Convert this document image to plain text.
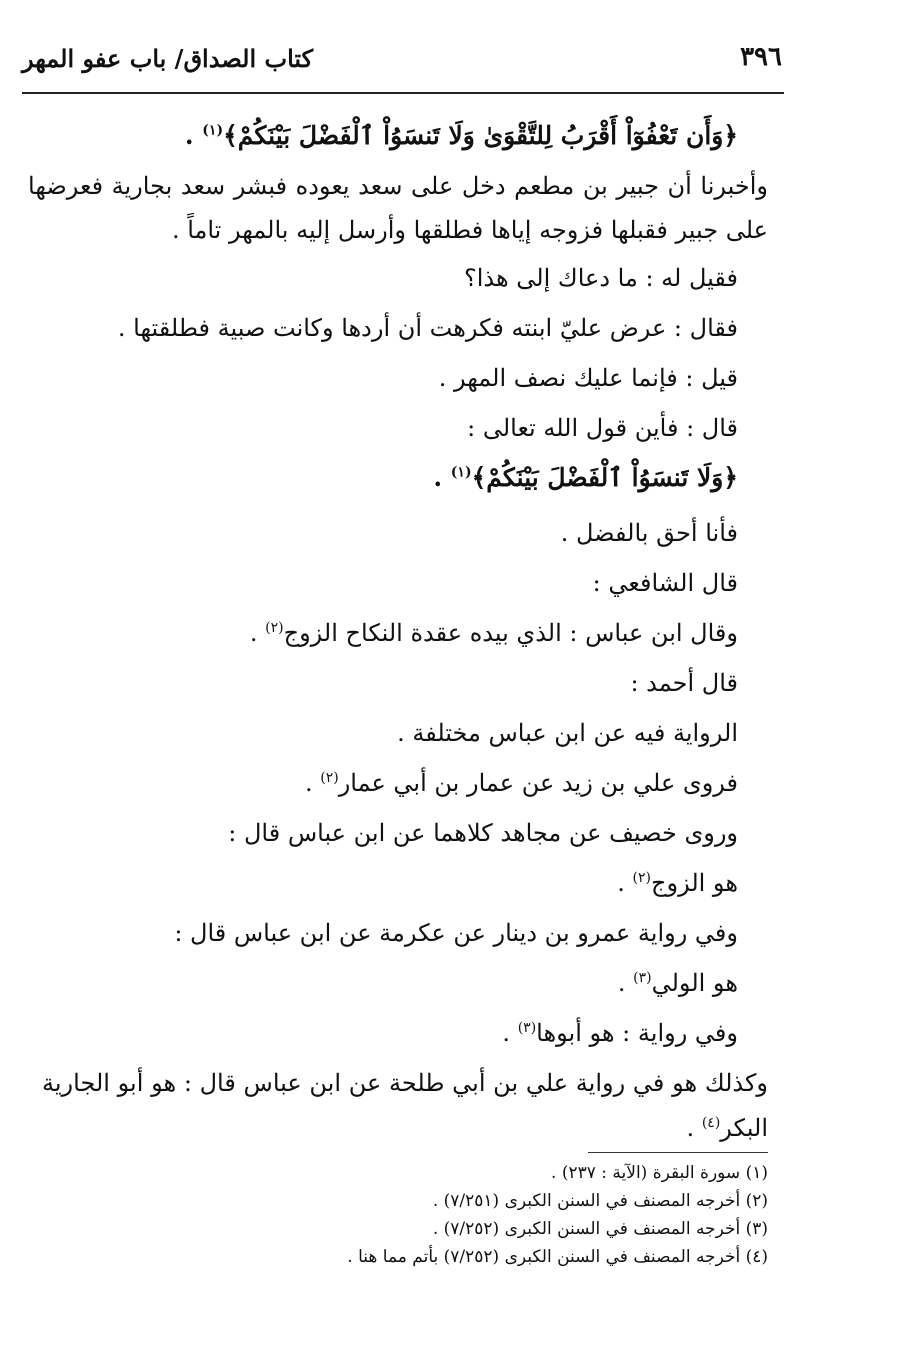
٣٩٦
كتاب الصداق/ باب عفو المهر
﴿وَأَن تَعْفُوٓاْ أَقْرَبُ لِلتَّقْوَىٰ وَلَا تَنسَوُاْ ٱلْفَضْلَ بَيْنَكُمْ﴾$^{(١)}$ .
وأخبرنا أن جبير بن مطعم دخل على سعد يعوده فبشر سعد بجارية فعرضها
على جبير فقبلها فزوجه إياها فطلقها وأرسل إليه بالمهر تاماً .
فقيل له : ما دعاك إلى هذا؟
فقال : عرض عليّ ابنته فكرهت أن أردها وكانت صبية فطلقتها .
قيل : فإنما عليك نصف المهر .
قال : فأين قول الله تعالى :
﴿وَلَا تَنسَوُاْ ٱلْفَضْلَ بَيْنَكُمْ﴾$^{(١)}$ .
فأنا أحق بالفضل .
قال الشافعي :
وقال ابن عباس : الذي بيده عقدة النكاح الزوج$^{(٢)}$ .
قال أحمد :
الرواية فيه عن ابن عباس مختلفة .
فروى علي بن زيد عن عمار بن أبي عمار$^{(٢)}$ .
وروى خصيف عن مجاهد كلاهما عن ابن عباس قال :
هو الزوج$^{(٢)}$ .
وفي رواية عمرو بن دينار عن عكرمة عن ابن عباس قال :
هو الولي$^{(٣)}$ .
وفي رواية : هو أبوها$^{(٣)}$ .
وكذلك هو في رواية علي بن أبي طلحة عن ابن عباس قال : هو أبو الجارية
البكر$^{(٤)}$ .
(١) سورة البقرة (الآية : ٢٣٧) .
(٢) أخرجه المصنف في السنن الكبرى (٧/٢٥١) .
(٣) أخرجه المصنف في السنن الكبرى (٧/٢٥٢) .
(٤) أخرجه المصنف في السنن الكبرى (٧/٢٥٢) بأتم مما هنا .
